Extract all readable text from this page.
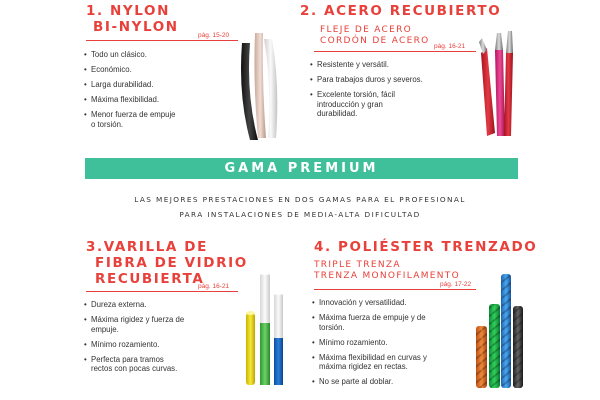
1. NYLON
BI-NYLON
pág. 15-20
• Todo un clásico.
• Económico.
• Larga durabilidad.
• Máxima flexibilidad.
• Menor fuerza de empuje
o torsión.
2. ACERO RECUBIERTO
FLEJE DE ACERO
CORDÓN DE ACERO
pág. 16-21
• Resistente y versátil.
• Para trabajos duros y severos.
• Excelente torsión, fácil
introducción y gran
durabilidad.
GAMA PREMIUM
LAS MEJORES PRESTACIONES EN DOS GAMAS PARA EL PROFESIONAL
PARA INSTALACIONES DE MEDIA-ALTA DIFICULTAD
3.VARILLA DE
FIBRA DE VIDRIO
RECUBIERTA
pág. 16-21
• Dureza externa.
• Máxima rigidez y fuerza de
empuje.
• Mínimo rozamiento.
• Perfecta para tramos
rectos con pocas curvas.
4. POLIÉSTER TRENZADO
TRIPLE TRENZA
TRENZA MONOFILAMENTO
pág. 17-22
• Innovación y versatilidad.
• Máxima fuerza de empuje y de
torsión.
• Mínimo rozamiento.
• Máxima flexibilidad en curvas y
máxima rigidez en rectas.
• No se parte al doblar.
